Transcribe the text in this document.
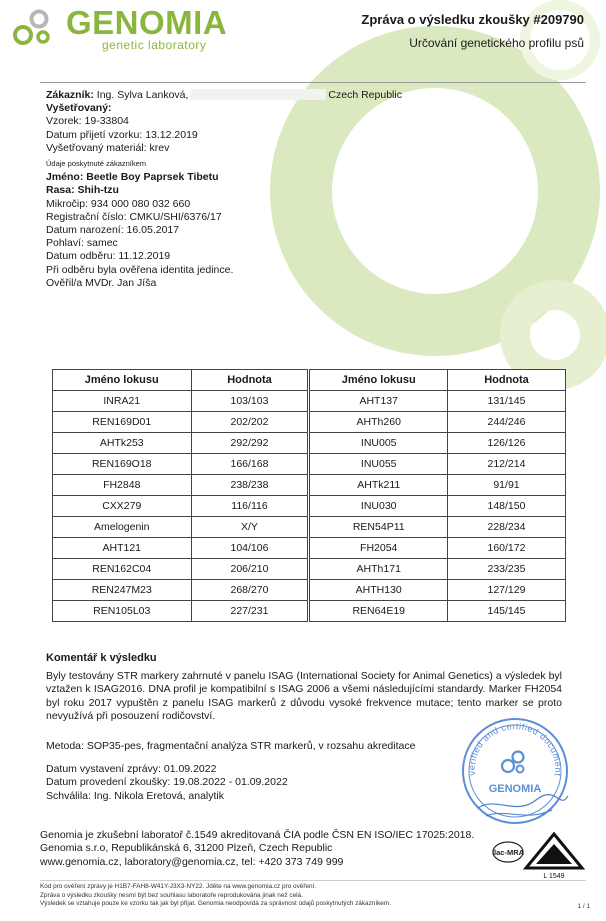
GENOMIA
genetic laboratory
Zpráva o výsledku zkoušky #209790
Určování genetického profilu psů
Zákazník: Ing. Sylva Lanková,	Czech Republic
Vyšetřovaný:
Vzorek: 19-33804
Datum přijetí vzorku: 13.12.2019
Vyšetřovaný materiál: krev
Údaje poskytnuté zákazníkem
Jméno: Beetle Boy Paprsek Tibetu
Rasa: Shih-tzu
Mikročip: 934 000 080 032 660
Registrační číslo: CMKU/SHI/6376/17
Datum narození: 16.05.2017
Pohlaví: samec
Datum odběru: 11.12.2019
Při odběru byla ověřena identita jedince.
Ověřil/a MVDr. Jan Jíša
Jméno lokusu	Hodnota	Jméno lokusu	Hodnota
INRA21	103/103	AHT137	131/145
REN169D01	202/202	AHTh260	244/246
AHTk253	292/292	INU005	126/126
REN169O18	166/168	INU055	212/214
FH2848	238/238	AHTk211	91/91
CXX279	116/116	INU030	148/150
Amelogenin	X/Y	REN54P11	228/234
AHT121	104/106	FH2054	160/172
REN162C04	206/210	AHTh171	233/235
REN247M23	268/270	AHTH130	127/129
REN105L03	227/231	REN64E19	145/145
Komentář k výsledku
Byly testovány STR markery zahrnuté v panelu ISAG (International Society for Animal Genetics) a výsledek byl vztažen k ISAG2016. DNA profil je kompatibilní s ISAG 2006 a všemi následujícími standardy. Marker FH2054 byl roku 2017 vypuštěn z panelu ISAG markerů z důvodu vysoké frekvence mutace; tento marker se proto nevyužívá při posouzení rodičovství.
Metoda: SOP35-pes, fragmentační analýza STR markerů, v rozsahu akreditace
Datum vystavení zprávy: 01.09.2022
Datum provedení zkoušky: 19.08.2022 - 01.09.2022
Schválila: Ing. Nikola Eretová, analytik
verified and certified document
GENOMIA
Genomia je zkušební laboratoř č.1549 akreditovaná ČIA podle ČSN EN ISO/IEC 17025:2018.
Genomia s.r.o, Republikánská 6, 31200 Plzeň, Czech Republic
www.genomia.cz, laboratory@genomia.cz, tel: +420 373 749 999
ilac-MRA
L 1549
Kód pro ověření zprávy je H1B7-FAH8-W41Y-J3X3-NY22. Jděte na www.genomia.cz pro ověření.
Zpráva o výsledku zkoušky nesmí být bez souhlasu laboratoře reprodukována jinak než celá.
Výsledek se vztahuje pouze ke vzorku tak jak byl přijat. Genomia neodpovídá za správnost údajů poskytnutých zákazníkem.	1 / 1
